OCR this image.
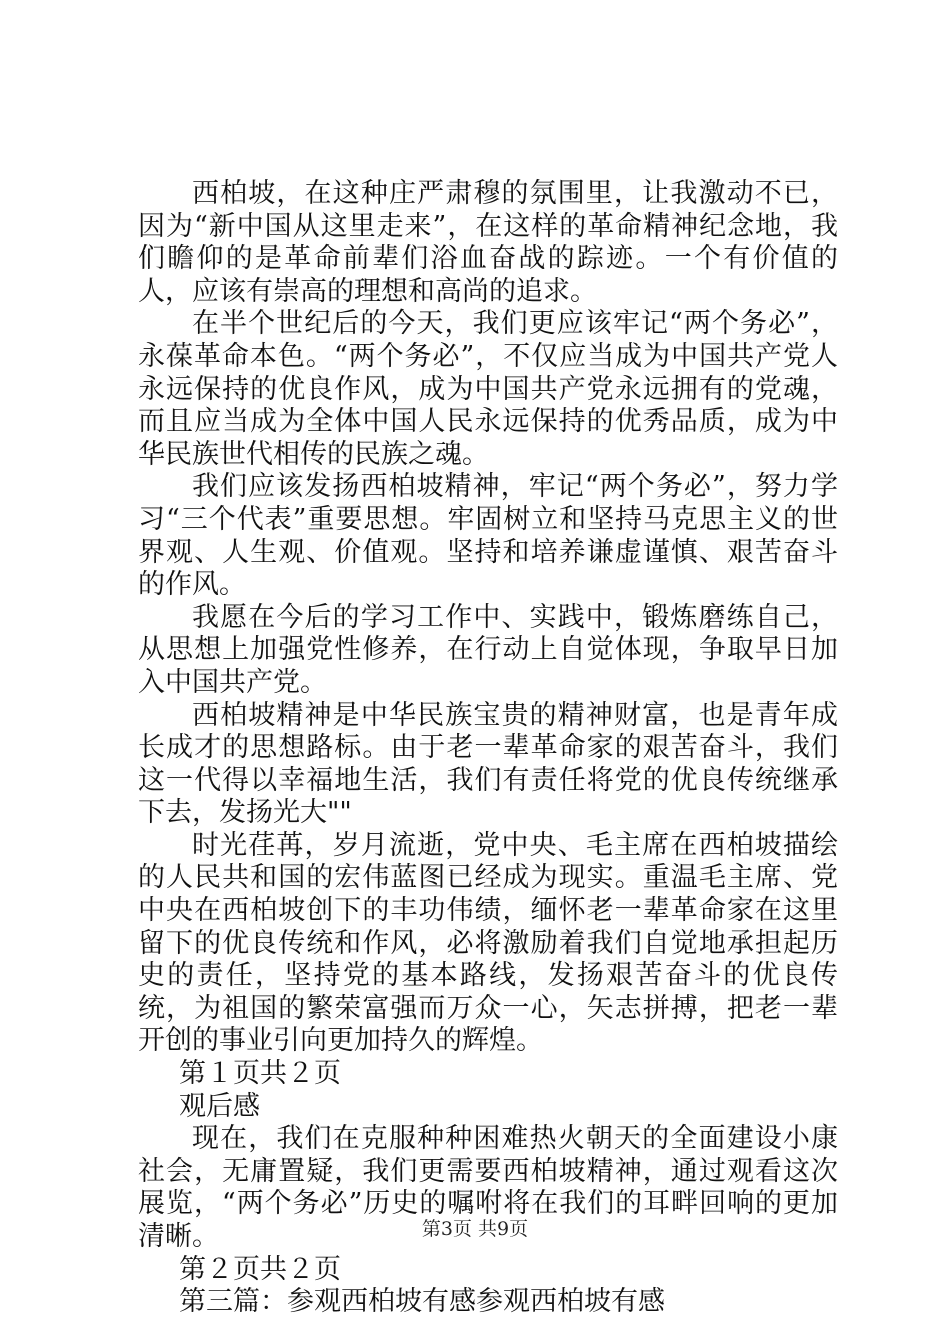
西柏坡，在这种庄严肃穆的氛围里，让我激动不已，因为“新中国从这里走来”，在这样的革命精神纪念地，我们瞻仰的是革命前辈们浴血奋战的踪迹。一个有价值的人，应该有崇高的理想和高尚的追求。

在半个世纪后的今天，我们更应该牢记“两个务必”，永葆革命本色。“两个务必”，不仅应当成为中国共产党人永远保持的优良作风，成为中国共产党永远拥有的党魂，而且应当成为全体中国人民永远保持的优秀品质，成为中华民族世代相传的民族之魂。

我们应该发扬西柏坡精神，牢记“两个务必”，努力学习“三个代表”重要思想。牢固树立和坚持马克思主义的世界观、人生观、价值观。坚持和培养谦虚谨慎、艰苦奋斗的作风。

我愿在今后的学习工作中、实践中，锻炼磨练自己，从思想上加强党性修养，在行动上自觉体现，争取早日加入中国共产党。

西柏坡精神是中华民族宝贵的精神财富，也是青年成长成才的思想路标。由于老一辈革命家的艰苦奋斗，我们这一代得以幸福地生活，我们有责任将党的优良传统继承下去，发扬光大""

时光荏苒，岁月流逝，党中央、毛主席在西柏坡描绘的人民共和国的宏伟蓝图已经成为现实。重温毛主席、党中央在西柏坡创下的丰功伟绩，缅怀老一辈革命家在这里留下的优良传统和作风，必将激励着我们自觉地承担起历史的责任，坚持党的基本路线，发扬艰苦奋斗的优良传统，为祖国的繁荣富强而万众一心，矢志拼搏，把老一辈开创的事业引向更加持久的辉煌。

第１页共２页

观后感

现在，我们在克服种种困难热火朝天的全面建设小康社会，无庸置疑，我们更需要西柏坡精神，通过观看这次展览，“两个务必”历史的嘱咐将在我们的耳畔回响的更加清晰。

第２页共２页

第三篇：参观西柏坡有感参观西柏坡有感

第3页 共9页
